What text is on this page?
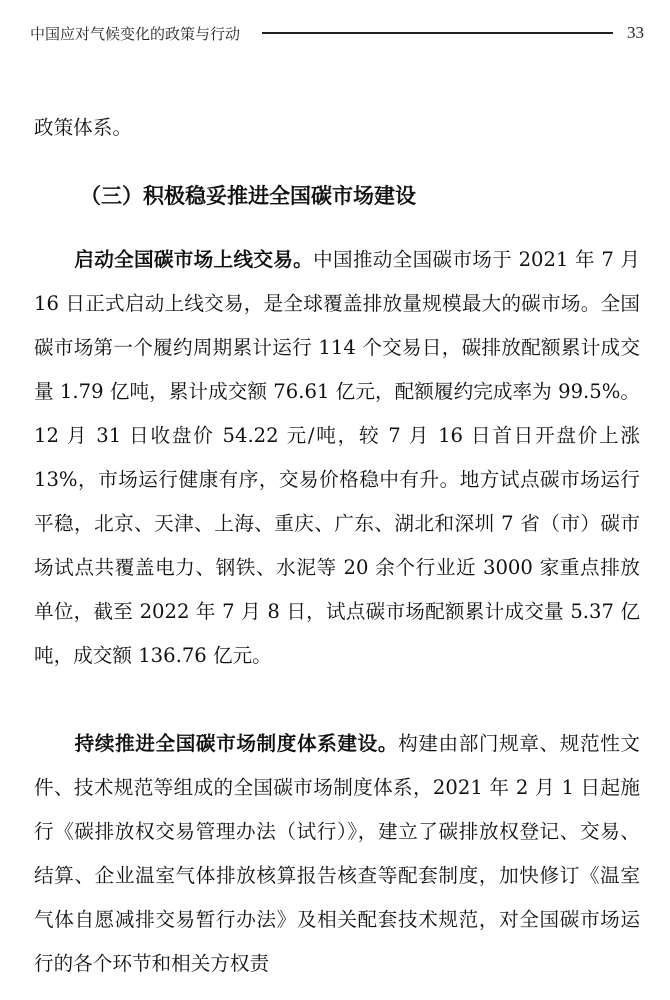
中国应对气候变化的政策与行动	33

政策体系。

（三）积极稳妥推进全国碳市场建设

启动全国碳市场上线交易。中国推动全国碳市场于 2021 年 7 月 16 日正式启动上线交易，是全球覆盖排放量规模最大的碳市场。全国碳市场第一个履约周期累计运行 114 个交易日，碳排放配额累计成交量 1.79 亿吨，累计成交额 76.61 亿元，配额履约完成率为 99.5%。12 月 31 日收盘价 54.22 元/吨，较 7 月 16 日首日开盘价上涨 13%，市场运行健康有序，交易价格稳中有升。地方试点碳市场运行平稳，北京、天津、上海、重庆、广东、湖北和深圳 7 省（市）碳市场试点共覆盖电力、钢铁、水泥等 20 余个行业近 3000 家重点排放单位，截至 2022 年 7 月 8 日，试点碳市场配额累计成交量 5.37 亿吨，成交额 136.76 亿元。

持续推进全国碳市场制度体系建设。构建由部门规章、规范性文件、技术规范等组成的全国碳市场制度体系，2021 年 2 月 1 日起施行《碳排放权交易管理办法（试行）》，建立了碳排放权登记、交易、结算、企业温室气体排放核算报告核查等配套制度，加快修订《温室气体自愿减排交易暂行办法》及相关配套技术规范，对全国碳市场运行的各个环节和相关方权责
